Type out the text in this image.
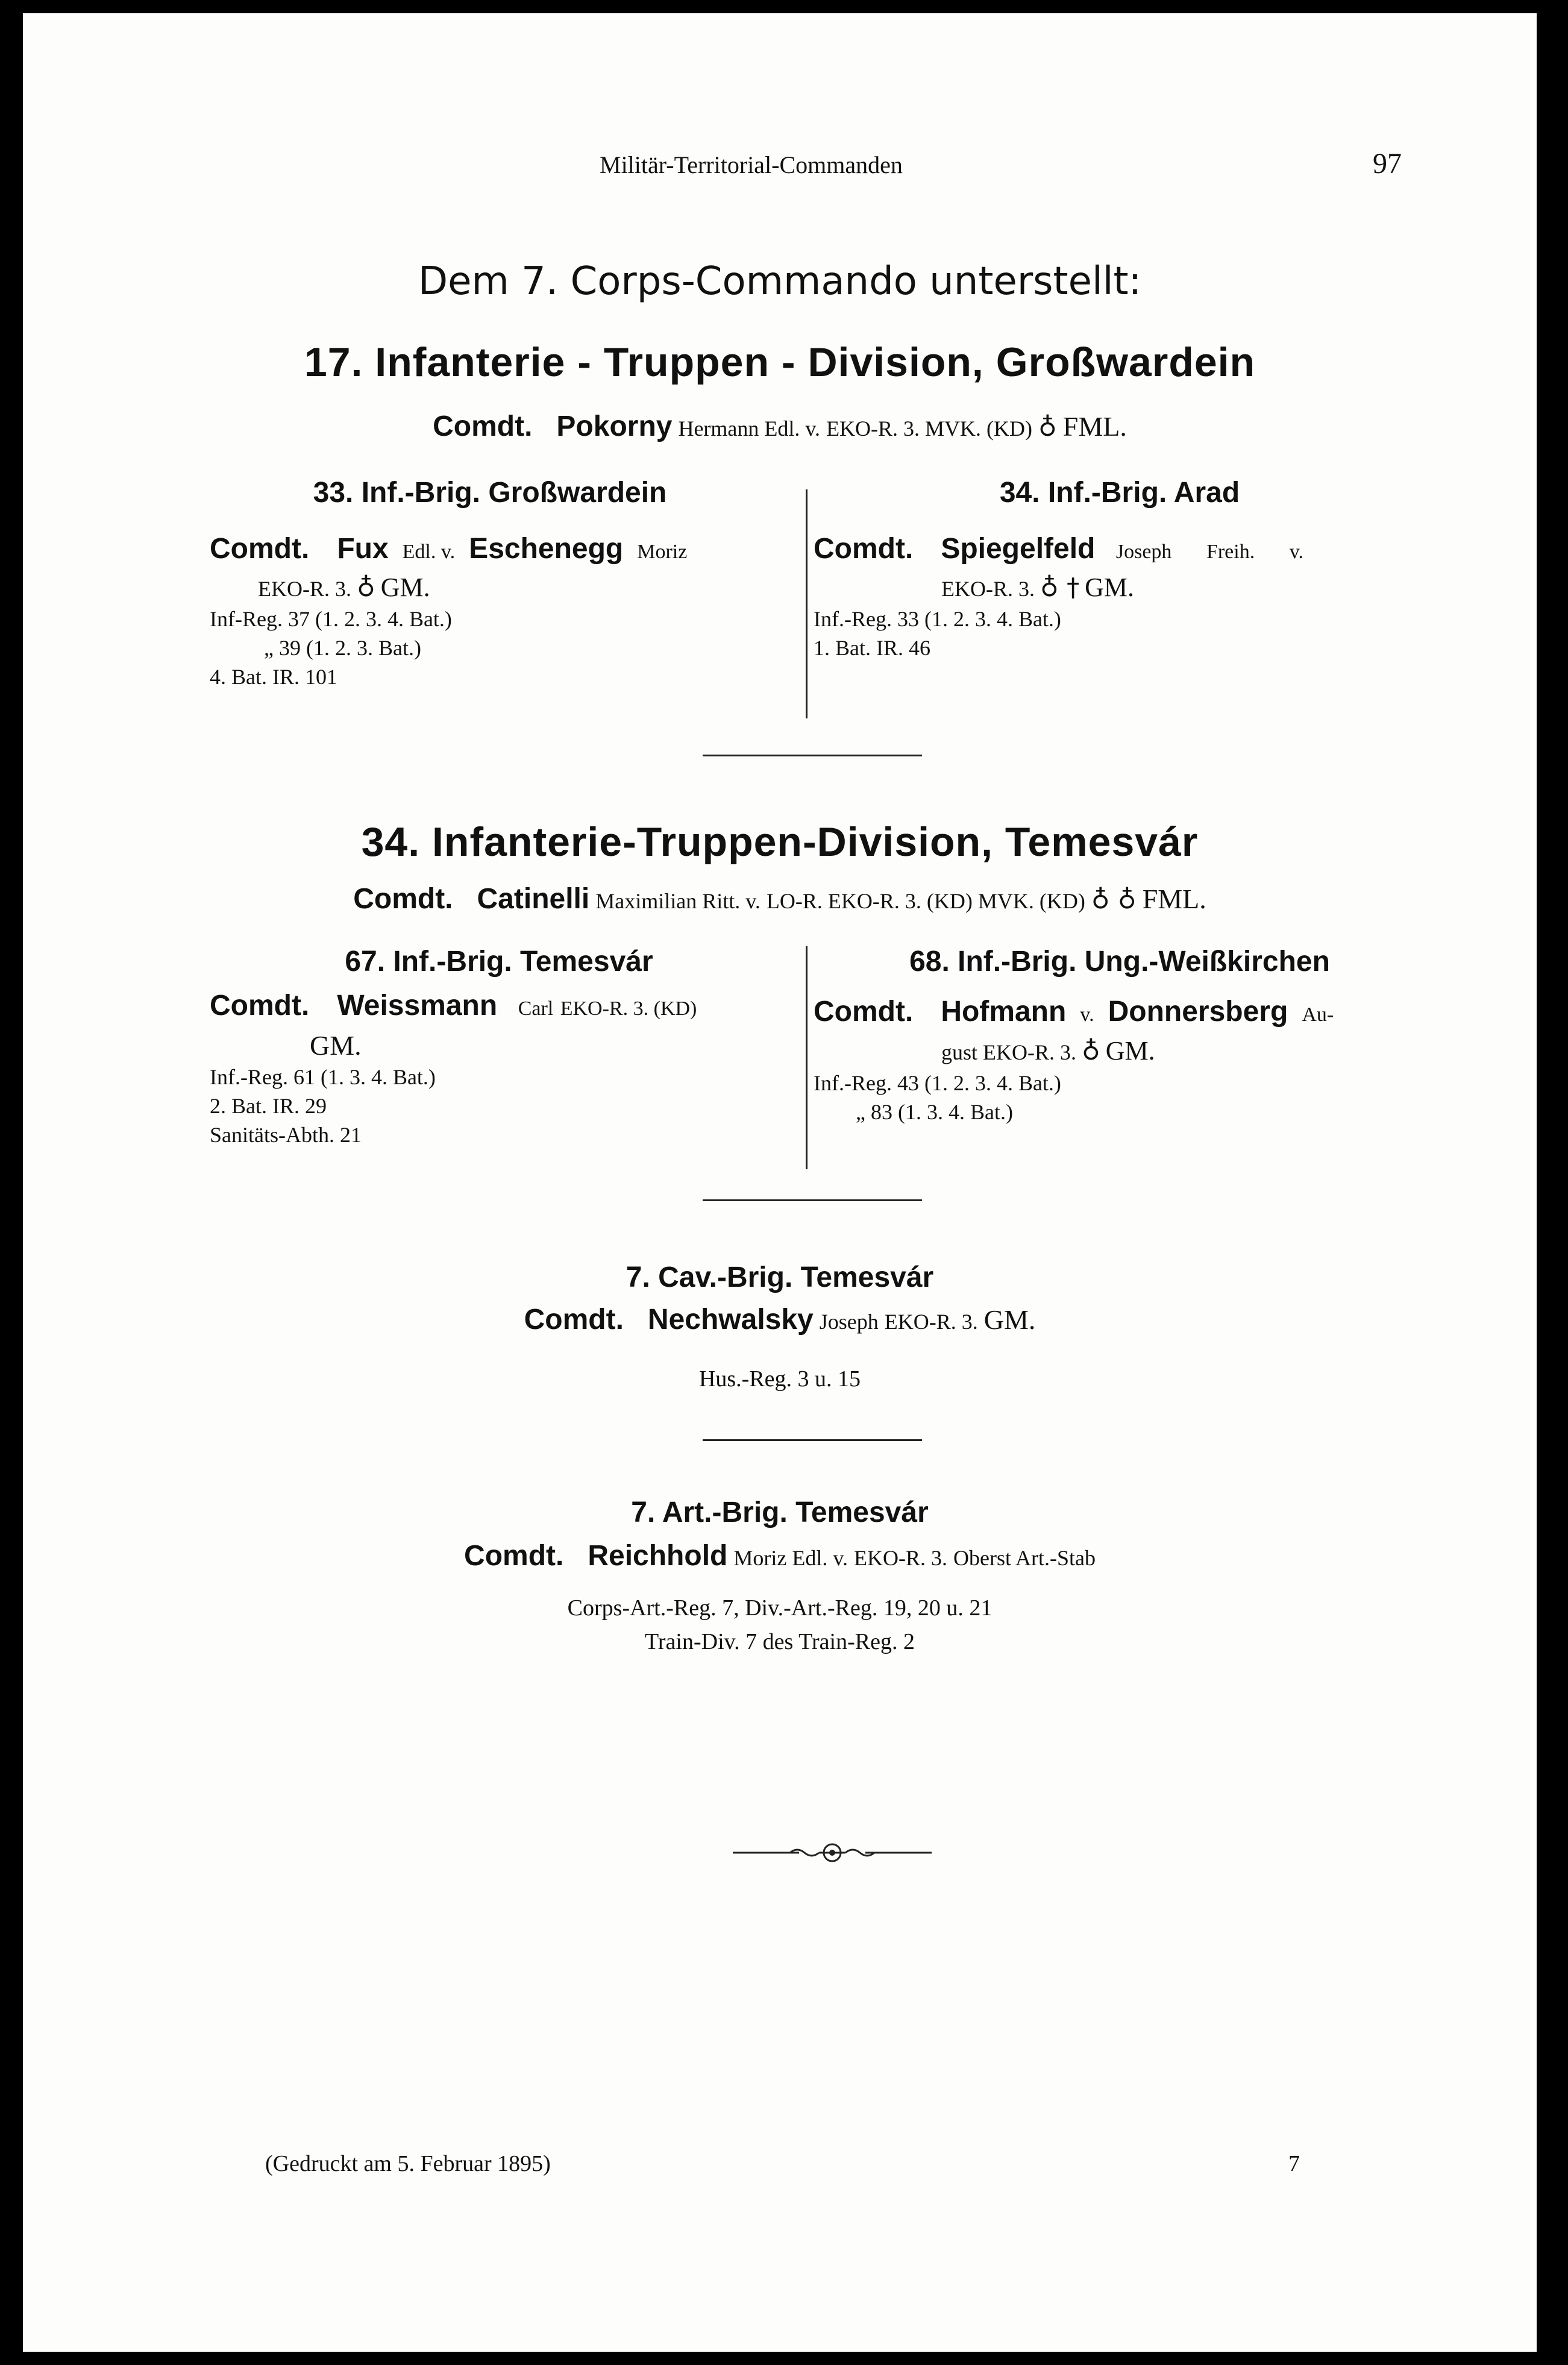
Militär-Territorial-Commanden	97
Dem 7. Corps-Commando unterstellt:
17. Infanterie - Truppen - Division, Großwardein
Comdt. Pokorny Hermann Edl. v. EKO-R. 3. MVK. (KD) ♁ FML.
33. Inf.-Brig. Großwardein
Comdt. Fux Edl. v. Eschenegg Moriz
EKO-R. 3. ♁ GM.
Inf-Reg. 37 (1. 2. 3. 4. Bat.)
„ 39 (1. 2. 3. Bat.)
4. Bat. IR. 101
34. Inf.-Brig. Arad
Comdt. Spiegelfeld Joseph Freih. v.
EKO-R. 3. ♁ † GM.
Inf.-Reg. 33 (1. 2. 3. 4. Bat.)
1. Bat. IR. 46
34. Infanterie-Truppen-Division, Temesvár
Comdt. Catinelli Maximilian Ritt. v. LO-R. EKO-R. 3. (KD) MVK. (KD) ♁ ♁ FML.
67. Inf.-Brig. Temesvár
Comdt. Weissmann Carl EKO-R. 3. (KD)
GM.
Inf.-Reg. 61 (1. 3. 4. Bat.)
2. Bat. IR. 29
Sanitäts-Abth. 21
68. Inf.-Brig. Ung.-Weißkirchen
Comdt. Hofmann v. Donnersberg Au-
gust EKO-R. 3. ♁ GM.
Inf.-Reg. 43 (1. 2. 3. 4. Bat.)
„ 83 (1. 3. 4. Bat.)
7. Cav.-Brig. Temesvár
Comdt. Nechwalsky Joseph EKO-R. 3. GM.
Hus.-Reg. 3 u. 15
7. Art.-Brig. Temesvár
Comdt. Reichhold Moriz Edl. v. EKO-R. 3. Oberst Art.-Stab
Corps-Art.-Reg. 7, Div.-Art.-Reg. 19, 20 u. 21
Train-Div. 7 des Train-Reg. 2
(Gedruckt am 5. Februar 1895)	7
